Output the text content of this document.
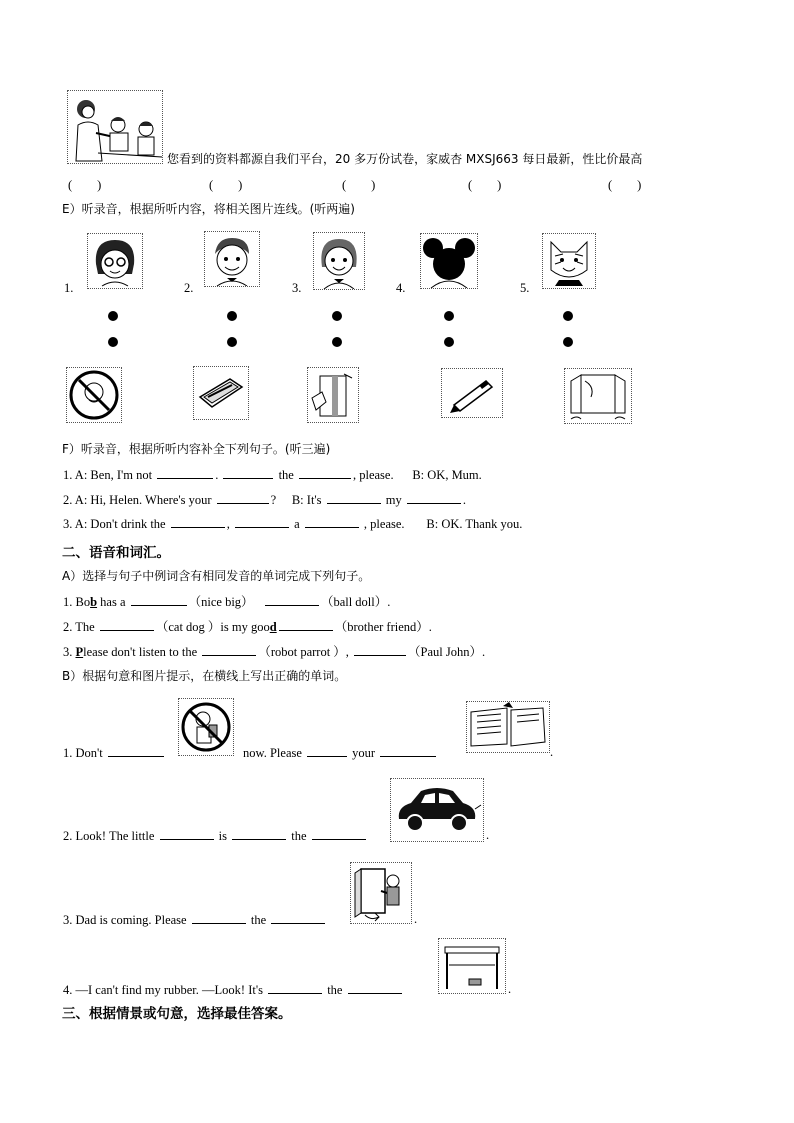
您看到的资料都源自我们平台，20 多万份试卷，家威杏 MXSJ663 每日最新，性比价最高
(　　)	(　　)	(　　)	(　　)	(　　)
E）听录音，根据所听内容，将相关图片连线。(听两遍)
1.	2.	3.	4.	5.
F）听录音，根据所听内容补全下列句子。(听三遍)
1. A: Ben, I'm not	.	the	, please. B: OK, Mum.
2. A: Hi, Helen. Where's your	? B: It's	my	.
3. A: Don't drink the	,	a	, please. B: OK. Thank you.
二、语音和词汇。
A）选择与句子中例词含有相同发音的单词完成下列句子。
1. Bob has a	（nice big）	（ball doll）.
2. The	（cat dog ）is my good	（brother friend）.
3. Please don't listen to the	（robot parrot ）,	（Paul John）.
B）根据句意和图片提示，在横线上写出正确的单词。
1. Don't	now. Please	your	.
2. Look! The little	is	the	.
3. Dad is coming. Please	the	.
4. —I can't find my rubber. —Look! It's	the	.
三、根据情景或句意，选择最佳答案。
